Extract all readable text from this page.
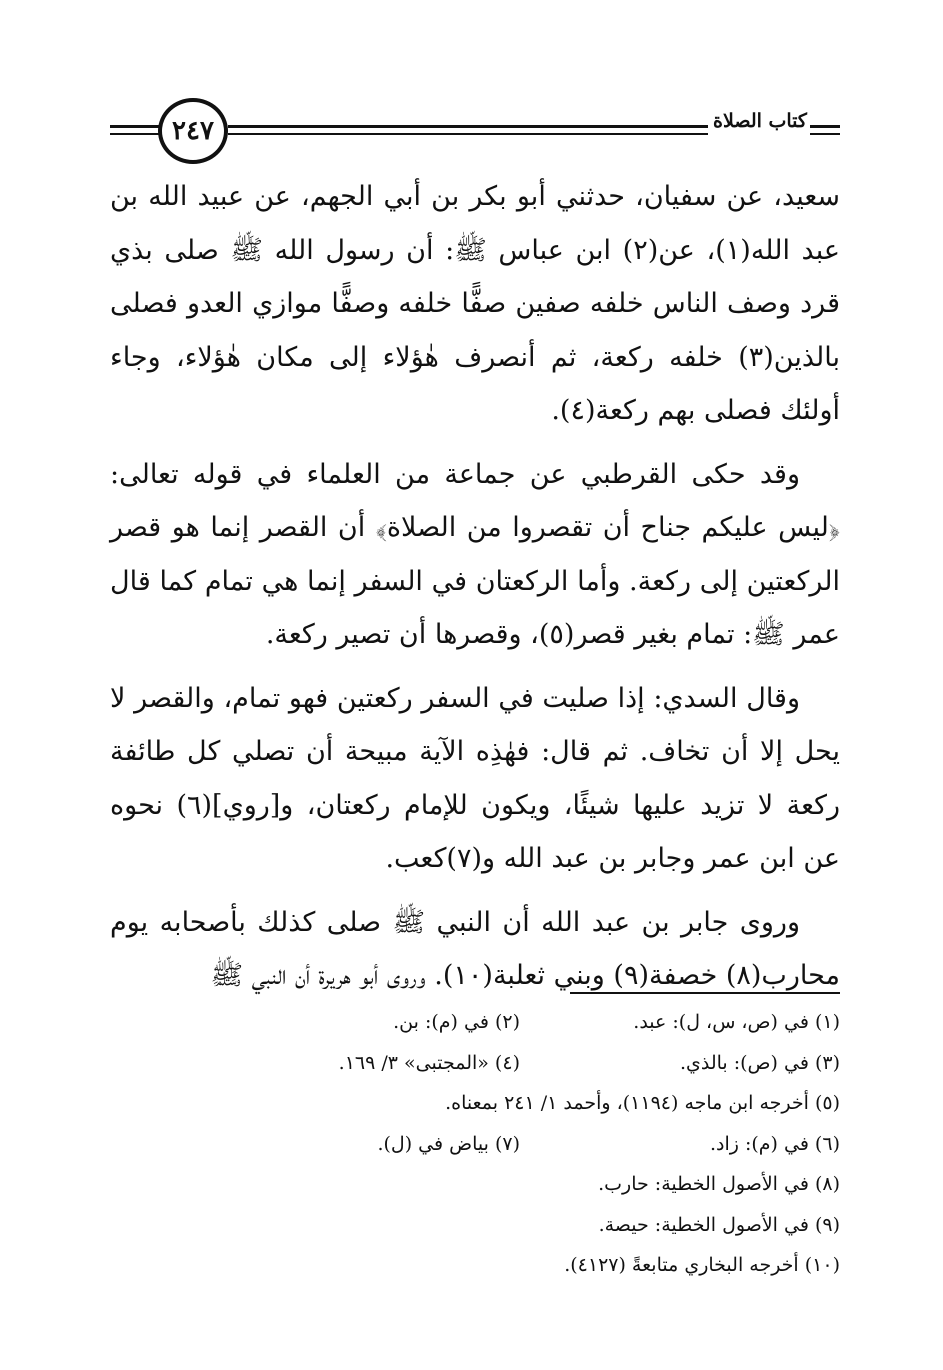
٢٤٧	كتاب الصلاة

سعيد، عن سفيان، حدثني أبو بكر بن أبي الجهم، عن عبيد الله بن عبد الله(١)، عن(٢) ابن عباس ﷺ: أن رسول الله ﷺ صلى بذي قرد وصف الناس خلفه صفين صفًّا خلفه وصفًّا موازي العدو فصلى بالذين(٣) خلفه ركعة، ثم أنصرف هٰؤلاء إلى مكان هٰؤلاء، وجاء أولئك فصلى بهم ركعة(٤).

وقد حكى القرطبي عن جماعة من العلماء في قوله تعالى: ﴿ليس عليكم جناح أن تقصروا من الصلاة﴾ أن القصر إنما هو قصر الركعتين إلى ركعة. وأما الركعتان في السفر إنما هي تمام كما قال عمر ﷺ: تمام بغير قصر(٥)، وقصرها أن تصير ركعة.

وقال السدي: إذا صليت في السفر ركعتين فهو تمام، والقصر لا يحل إلا أن تخاف. ثم قال: فهٰذِه الآية مبيحة أن تصلي كل طائفة ركعة لا تزيد عليها شيئًا، ويكون للإمام ركعتان، و[روي](٦) نحوه عن ابن عمر وجابر بن عبد الله و(٧)كعب.

وروى جابر بن عبد الله أن النبي ﷺ صلى كذلك بأصحابه يوم محارب(٨) خصفة(٩) وبني ثعلبة(١٠). وروى أبو هريرة أن النبي ﷺ

(١) في (ص، س، ل): عبد.
(٢) في (م): بن.
(٣) في (ص): بالذي.
(٤) «المجتبى» ٣/ ١٦٩.
(٥) أخرجه ابن ماجه (١١٩٤)، وأحمد ١/ ٢٤١ بمعناه.
(٦) في (م): زاد.
(٧) بياض في (ل).
(٨) في الأصول الخطية: حارب.
(٩) في الأصول الخطية: حيصة.
(١٠) أخرجه البخاري متابعةً (٤١٢٧).
